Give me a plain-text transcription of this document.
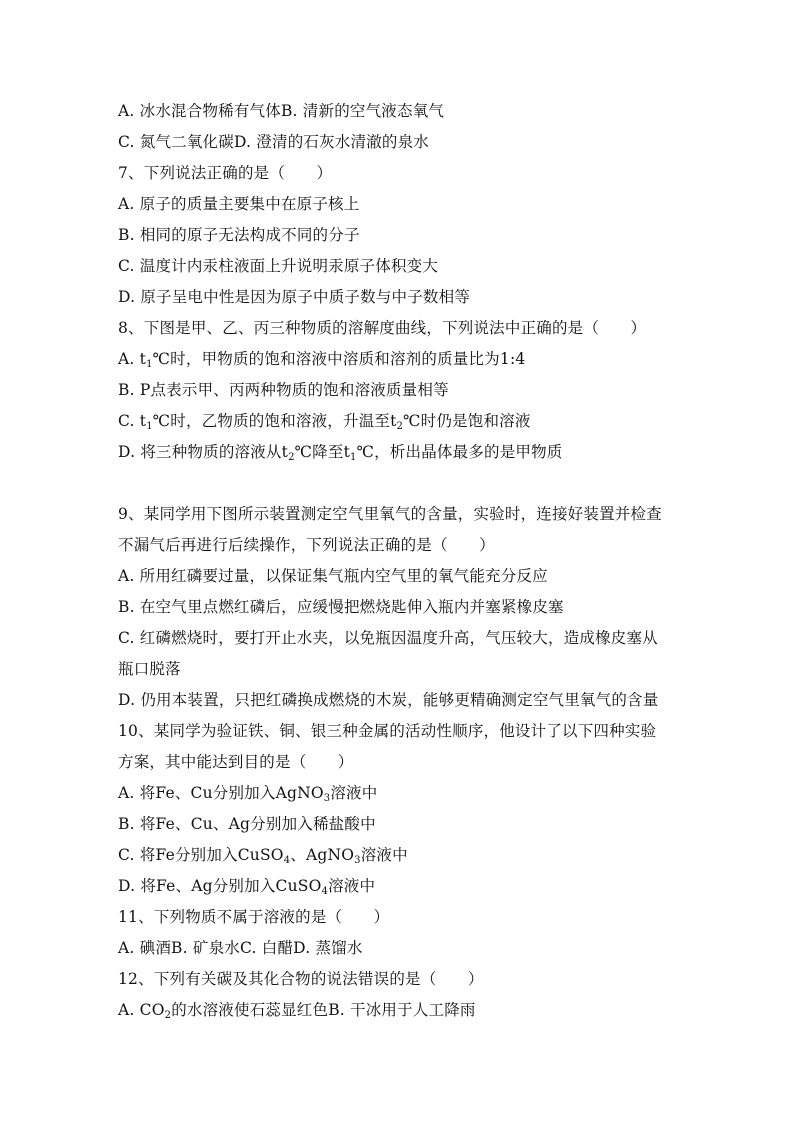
A. 冰水混合物稀有气体B. 清新的空气液态氧气
C. 氮气二氧化碳D. 澄清的石灰水清澈的泉水
7、下列说法正确的是（　　）
A. 原子的质量主要集中在原子核上
B. 相同的原子无法构成不同的分子
C. 温度计内汞柱液面上升说明汞原子体积变大
D. 原子呈电中性是因为原子中质子数与中子数相等
8、下图是甲、乙、丙三种物质的溶解度曲线，下列说法中正确的是（　　）
A. $t_1℃$时，甲物质的饱和溶液中溶质和溶剂的质量比为1:4
B. P点表示甲、丙两种物质的饱和溶液质量相等
C. $t_1℃$时，乙物质的饱和溶液，升温至$t_2℃$时仍是饱和溶液
D. 将三种物质的溶液从$t_2℃$降至$t_1℃$，析出晶体最多的是甲物质
9、某同学用下图所示装置测定空气里氧气的含量，实验时，连接好装置并检查
不漏气后再进行后续操作，下列说法正确的是（　　）
A. 所用红磷要过量，以保证集气瓶内空气里的氧气能充分反应
B. 在空气里点燃红磷后，应缓慢把燃烧匙伸入瓶内并塞紧橡皮塞
C. 红磷燃烧时，要打开止水夹，以免瓶因温度升高，气压较大，造成橡皮塞从
瓶口脱落
D. 仍用本装置，只把红磷换成燃烧的木炭，能够更精确测定空气里氧气的含量
10、某同学为验证铁、铜、银三种金属的活动性顺序，他设计了以下四种实验
方案，其中能达到目的是（　　）
A. 将Fe、Cu分别加入AgNO$_3$溶液中
B. 将Fe、Cu、Ag分别加入稀盐酸中
C. 将Fe分别加入CuSO$_4$、AgNO$_3$溶液中
D. 将Fe、Ag分别加入CuSO$_4$溶液中
11、下列物质不属于溶液的是（　　）
A. 碘酒B. 矿泉水C. 白醋D. 蒸馏水
12、下列有关碳及其化合物的说法错误的是（　　）
A. $CO_2$的水溶液使石蕊显红色B. 干冰用于人工降雨
